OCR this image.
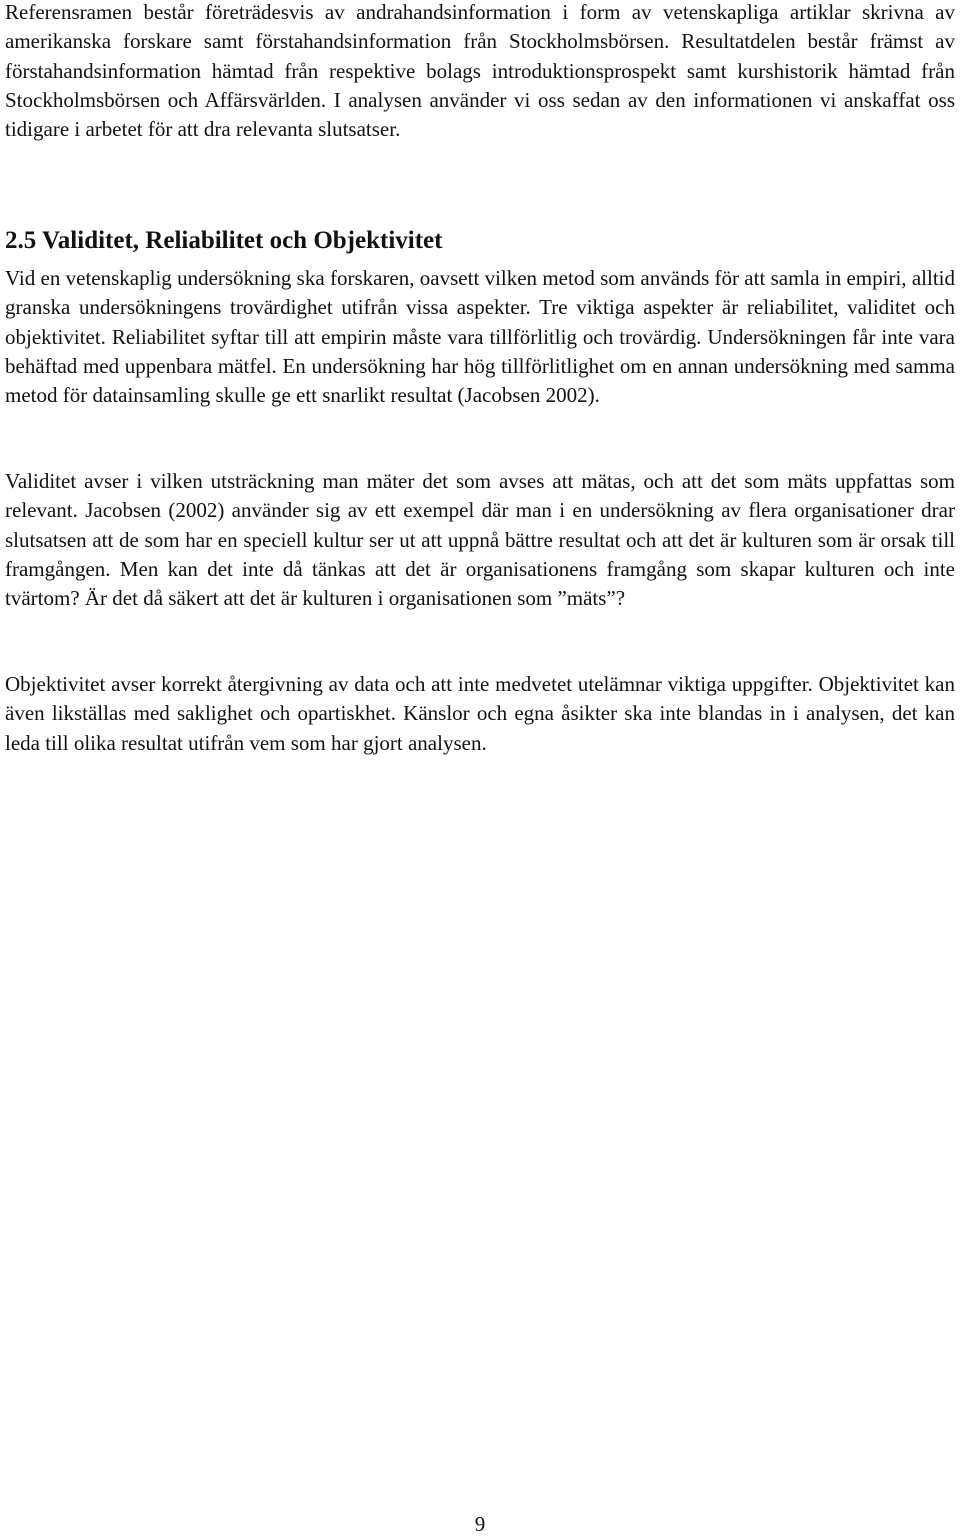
Referensramen består företrädesvis av andrahandsinformation i form av vetenskapliga artiklar skrivna av amerikanska forskare samt förstahandsinformation från Stockholmsbörsen. Resultatdelen består främst av förstahandsinformation hämtad från respektive bolags introduktionsprospekt samt kurshistorik hämtad från Stockholmsbörsen och Affärsvärlden. I analysen använder vi oss sedan av den informationen vi anskaffat oss tidigare i arbetet för att dra relevanta slutsatser.

2.5 Validitet, Reliabilitet och Objektivitet

Vid en vetenskaplig undersökning ska forskaren, oavsett vilken metod som används för att samla in empiri, alltid granska undersökningens trovärdighet utifrån vissa aspekter. Tre viktiga aspekter är reliabilitet, validitet och objektivitet. Reliabilitet syftar till att empirin måste vara tillförlitlig och trovärdig. Undersökningen får inte vara behäftad med uppenbara mätfel. En undersökning har hög tillförlitlighet om en annan undersökning med samma metod för datainsamling skulle ge ett snarlikt resultat (Jacobsen 2002).

Validitet avser i vilken utsträckning man mäter det som avses att mätas, och att det som mäts uppfattas som relevant. Jacobsen (2002) använder sig av ett exempel där man i en undersökning av flera organisationer drar slutsatsen att de som har en speciell kultur ser ut att uppnå bättre resultat och att det är kulturen som är orsak till framgången. Men kan det inte då tänkas att det är organisationens framgång som skapar kulturen och inte tvärtom? Är det då säkert att det är kulturen i organisationen som ”mäts”?

Objektivitet avser korrekt återgivning av data och att inte medvetet utelämnar viktiga uppgifter. Objektivitet kan även likställas med saklighet och opartiskhet. Känslor och egna åsikter ska inte blandas in i analysen, det kan leda till olika resultat utifrån vem som har gjort analysen.

9
